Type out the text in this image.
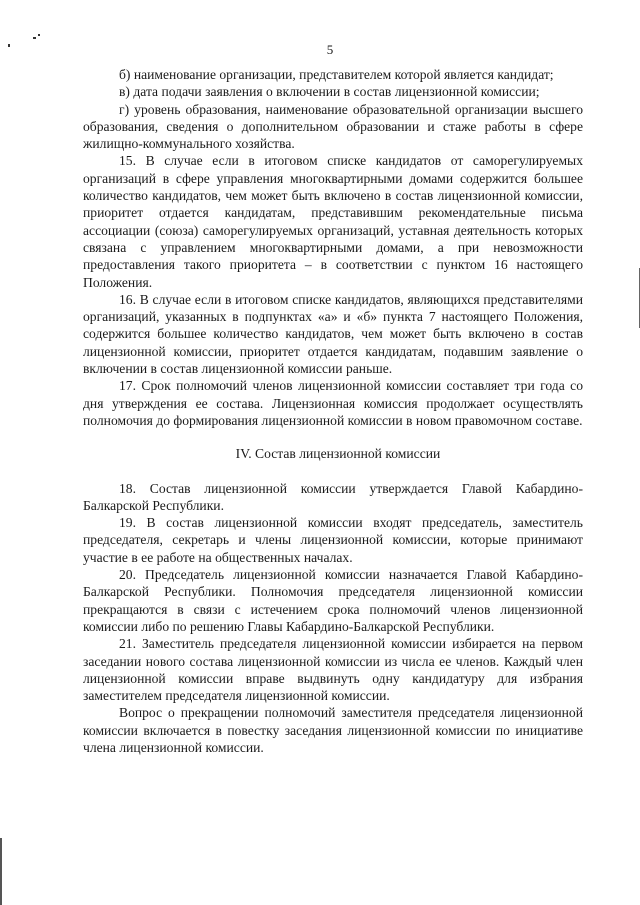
5

б) наименование организации, представителем которой является кандидат;

в) дата подачи заявления о включении в состав лицензионной комиссии;

г) уровень образования, наименование образовательной организации высшего образования, сведения о дополнительном образовании и стаже работы в сфере жилищно-коммунального хозяйства.

15. В случае если в итоговом списке кандидатов от саморегулируемых организаций в сфере управления многоквартирными домами содержится большее количество кандидатов, чем может быть включено в состав лицензионной комиссии, приоритет отдается кандидатам, представившим рекомендательные письма ассоциации (союза) саморегулируемых организаций, уставная деятельность которых связана с управлением многоквартирными домами, а при невозможности предоставления такого приоритета – в соответствии с пунктом 16 настоящего Положения.

16. В случае если в итоговом списке кандидатов, являющихся представителями организаций, указанных в подпунктах «а» и «б» пункта 7 настоящего Положения, содержится большее количество кандидатов, чем может быть включено в состав лицензионной комиссии, приоритет отдается кандидатам, подавшим заявление о включении в состав лицензионной комиссии раньше.

17. Срок полномочий членов лицензионной комиссии составляет три года со дня утверждения ее состава. Лицензионная комиссия продолжает осуществлять полномочия до формирования лицензионной комиссии в новом правомочном составе.

IV. Состав лицензионной комиссии

18. Состав лицензионной комиссии утверждается Главой Кабардино-Балкарской Республики.

19. В состав лицензионной комиссии входят председатель, заместитель председателя, секретарь и члены лицензионной комиссии, которые принимают участие в ее работе на общественных началах.

20. Председатель лицензионной комиссии назначается Главой Кабардино-Балкарской Республики. Полномочия председателя лицензионной комиссии прекращаются в связи с истечением срока полномочий членов лицензионной комиссии либо по решению Главы Кабардино-Балкарской Республики.

21. Заместитель председателя лицензионной комиссии избирается на первом заседании нового состава лицензионной комиссии из числа ее членов. Каждый член лицензионной комиссии вправе выдвинуть одну кандидатуру для избрания заместителем председателя лицензионной комиссии.

Вопрос о прекращении полномочий заместителя председателя лицензионной комиссии включается в повестку заседания лицензионной комиссии по инициативе члена лицензионной комиссии.
